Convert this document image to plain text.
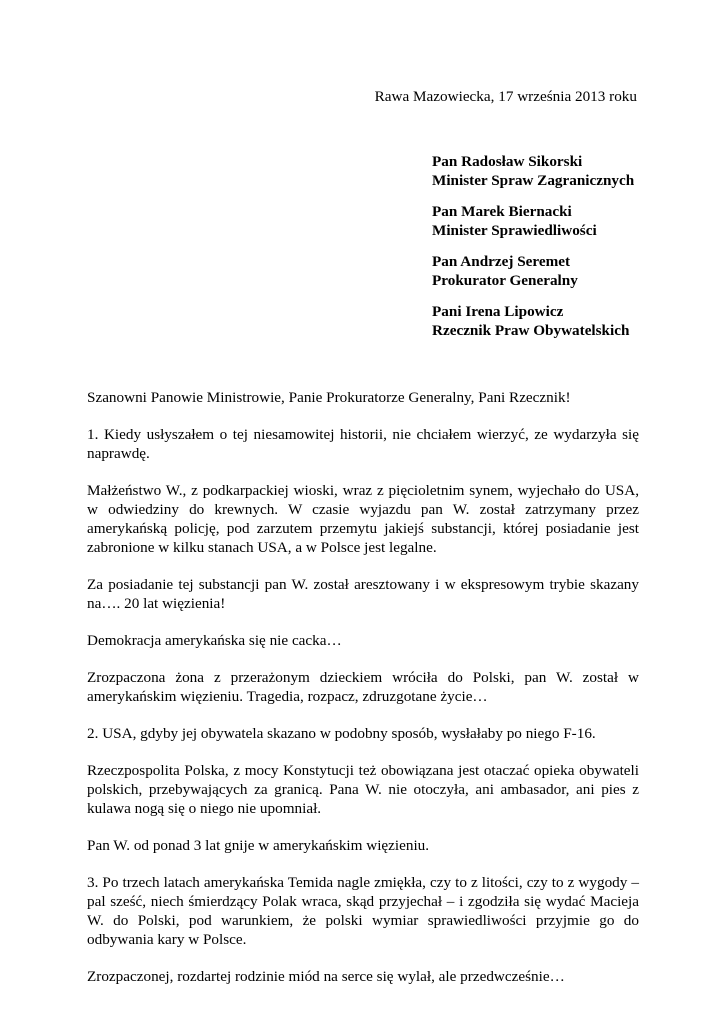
Rawa Mazowiecka, 17 września 2013 roku
Pan Radosław Sikorski
Minister Spraw Zagranicznych
Pan Marek Biernacki
Minister Sprawiedliwości
Pan Andrzej Seremet
Prokurator Generalny
Pani Irena Lipowicz
Rzecznik Praw Obywatelskich

Szanowni Panowie Ministrowie, Panie Prokuratorze Generalny, Pani Rzecznik!

1. Kiedy usłyszałem o tej niesamowitej historii, nie chciałem wierzyć, ze wydarzyła się naprawdę.

Małżeństwo W., z podkarpackiej wioski, wraz z pięcioletnim synem, wyjechało do USA, w odwiedziny do krewnych. W czasie wyjazdu pan W. został zatrzymany przez amerykańską policję, pod zarzutem przemytu jakiejś substancji, której posiadanie jest zabronione w kilku stanach USA, a w Polsce jest legalne.

Za posiadanie tej substancji pan W. został aresztowany i w ekspresowym trybie skazany na…. 20 lat więzienia!

Demokracja amerykańska się nie cacka…

Zrozpaczona żona z przerażonym dzieckiem wróciła do Polski, pan W. został w amerykańskim więzieniu. Tragedia, rozpacz, zdruzgotane życie…

2. USA, gdyby jej obywatela skazano w podobny sposób, wysłałaby po niego F-16.

Rzeczpospolita Polska, z mocy Konstytucji też obowiązana jest otaczać opieka obywateli polskich, przebywających za granicą. Pana W. nie otoczyła, ani ambasador, ani pies z kulawa nogą się o niego nie upomniał.

Pan W. od ponad 3 lat gnije w amerykańskim więzieniu.

3. Po trzech latach amerykańska Temida nagle zmiękła, czy to z litości, czy to z wygody – pal sześć, niech śmierdzący Polak wraca, skąd przyjechał – i zgodziła się wydać Macieja W. do Polski, pod warunkiem, że polski wymiar sprawiedliwości przyjmie go do odbywania kary w Polsce.

Zrozpaczonej, rozdartej rodzinie miód na serce się wylał, ale przedwcześnie…
